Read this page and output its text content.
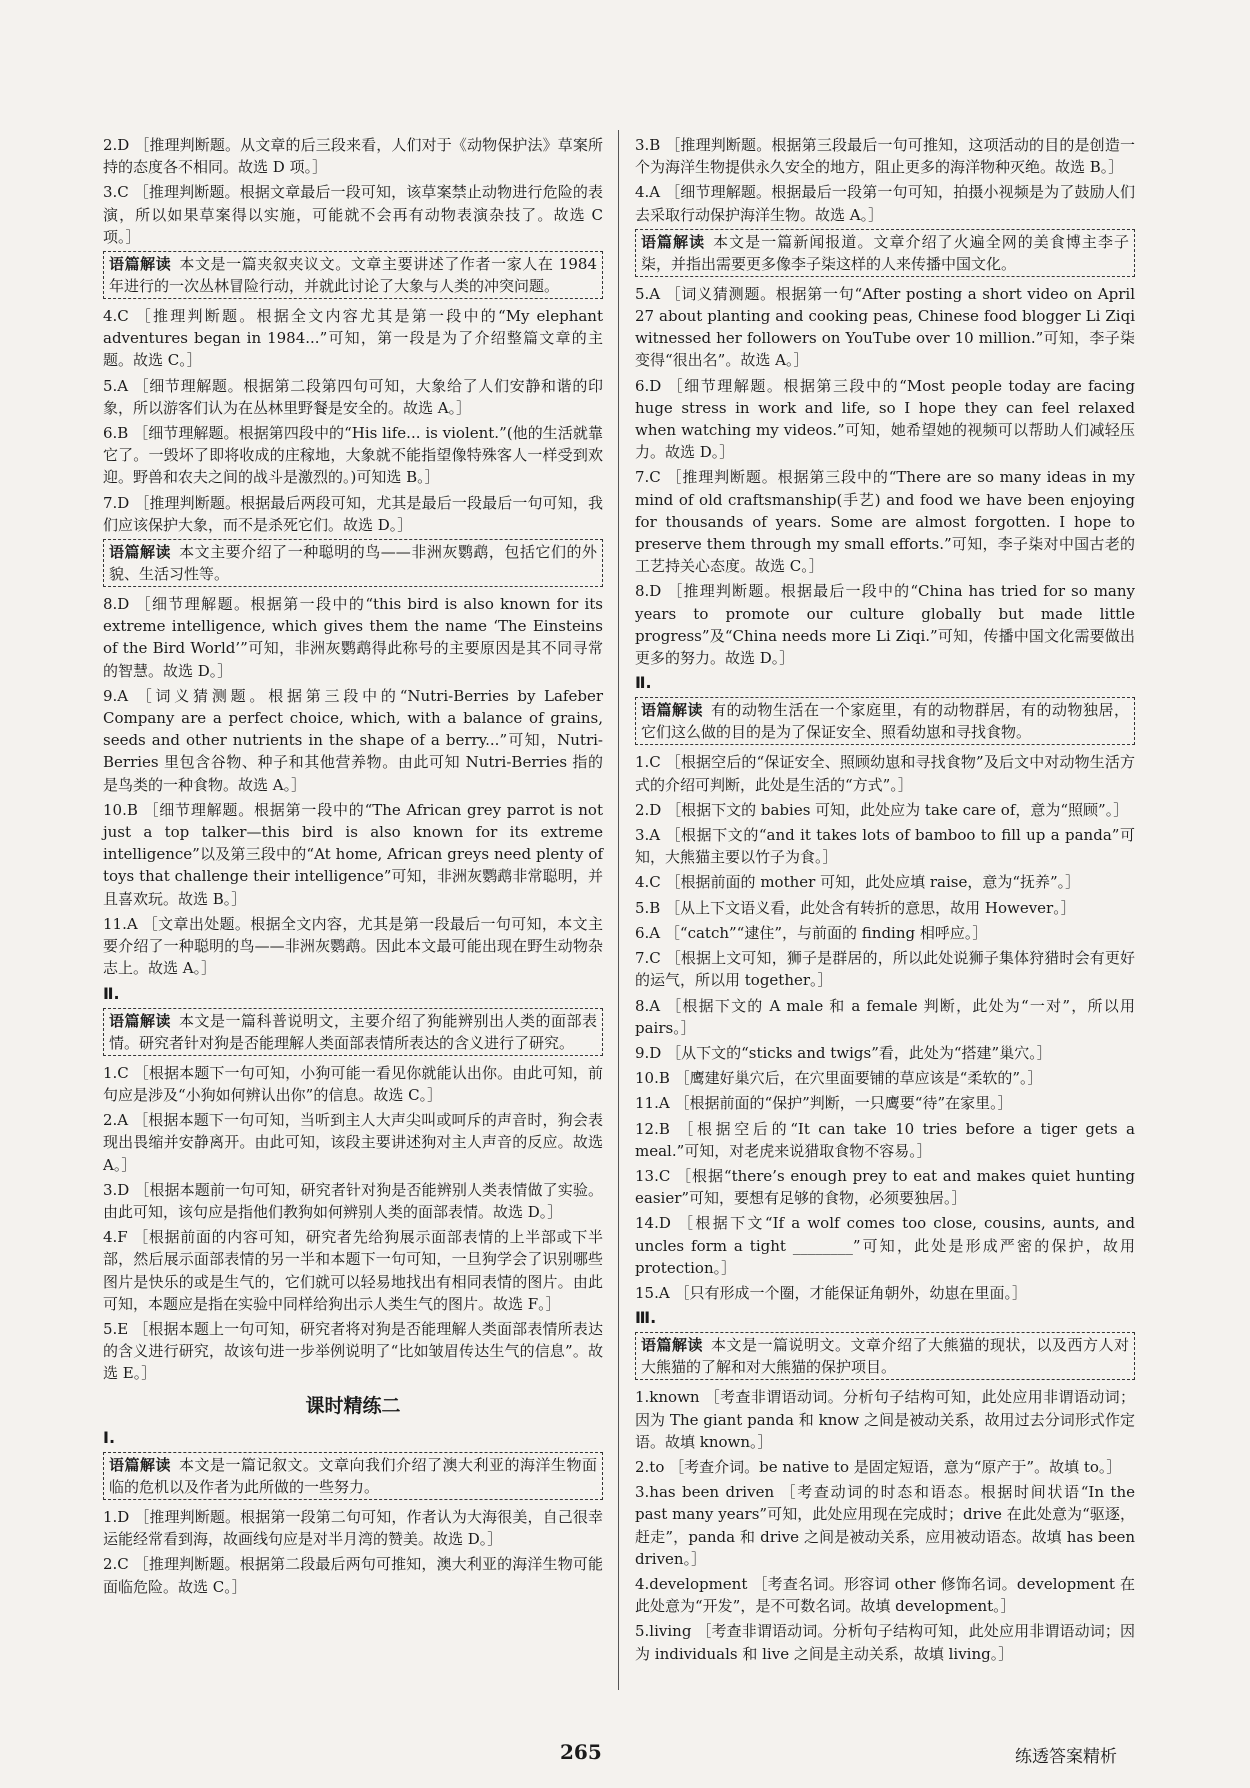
2.D ［推理判断题。从文章的后三段来看，人们对于《动物保护法》草案所持的态度各不相同。故选 D 项。］
3.C ［推理判断题。根据文章最后一段可知，该草案禁止动物进行危险的表演，所以如果草案得以实施，可能就不会再有动物表演杂技了。故选 C 项。］
语篇解读 本文是一篇夹叙夹议文。文章主要讲述了作者一家人在 1984 年进行的一次丛林冒险行动，并就此讨论了大象与人类的冲突问题。
4.C ［推理判断题。根据全文内容尤其是第一段中的“My elephant adventures began in 1984...”可知，第一段是为了介绍整篇文章的主题。故选 C。］
5.A ［细节理解题。根据第二段第四句可知，大象给了人们安静和谐的印象，所以游客们认为在丛林里野餐是安全的。故选 A。］
6.B ［细节理解题。根据第四段中的“His life... is violent.”(他的生活就靠它了。一毁坏了即将收成的庄稼地，大象就不能指望像特殊客人一样受到欢迎。野兽和农夫之间的战斗是激烈的。)可知选 B。］
7.D ［推理判断题。根据最后两段可知，尤其是最后一段最后一句可知，我们应该保护大象，而不是杀死它们。故选 D。］
语篇解读 本文主要介绍了一种聪明的鸟——非洲灰鹦鹉，包括它们的外貌、生活习性等。
8.D ［细节理解题。根据第一段中的“this bird is also known for its extreme intelligence, which gives them the name ‘The Einsteins of the Bird World’”可知，非洲灰鹦鹉得此称号的主要原因是其不同寻常的智慧。故选 D。］
9.A ［词义猜测题。根据第三段中的“Nutri-Berries by Lafeber Company are a perfect choice, which, with a balance of grains, seeds and other nutrients in the shape of a berry...”可知，Nutri-Berries 里包含谷物、种子和其他营养物。由此可知 Nutri-Berries 指的是鸟类的一种食物。故选 A。］
10.B ［细节理解题。根据第一段中的“The African grey parrot is not just a top talker—this bird is also known for its extreme intelligence”以及第三段中的“At home, African greys need plenty of toys that challenge their intelligence”可知，非洲灰鹦鹉非常聪明，并且喜欢玩。故选 B。］
11.A ［文章出处题。根据全文内容，尤其是第一段最后一句可知，本文主要介绍了一种聪明的鸟——非洲灰鹦鹉。因此本文最可能出现在野生动物杂志上。故选 A。］
Ⅱ.
语篇解读 本文是一篇科普说明文，主要介绍了狗能辨别出人类的面部表情。研究者针对狗是否能理解人类面部表情所表达的含义进行了研究。
1.C ［根据本题下一句可知，小狗可能一看见你就能认出你。由此可知，前句应是涉及“小狗如何辨认出你”的信息。故选 C。］
2.A ［根据本题下一句可知，当听到主人大声尖叫或呵斥的声音时，狗会表现出畏缩并安静离开。由此可知，该段主要讲述狗对主人声音的反应。故选 A。］
3.D ［根据本题前一句可知，研究者针对狗是否能辨别人类表情做了实验。由此可知，该句应是指他们教狗如何辨别人类的面部表情。故选 D。］
4.F ［根据前面的内容可知，研究者先给狗展示面部表情的上半部或下半部，然后展示面部表情的另一半和本题下一句可知，一旦狗学会了识别哪些图片是快乐的或是生气的，它们就可以轻易地找出有相同表情的图片。由此可知，本题应是指在实验中同样给狗出示人类生气的图片。故选 F。］
5.E ［根据本题上一句可知，研究者将对狗是否能理解人类面部表情所表达的含义进行研究，故该句进一步举例说明了“比如皱眉传达生气的信息”。故选 E。］
课时精练二
Ⅰ.
语篇解读 本文是一篇记叙文。文章向我们介绍了澳大利亚的海洋生物面临的危机以及作者为此所做的一些努力。
1.D ［推理判断题。根据第一段第二句可知，作者认为大海很美，自己很幸运能经常看到海，故画线句应是对半月湾的赞美。故选 D。］
2.C ［推理判断题。根据第二段最后两句可推知，澳大利亚的海洋生物可能面临危险。故选 C。］
3.B ［推理判断题。根据第三段最后一句可推知，这项活动的目的是创造一个为海洋生物提供永久安全的地方，阻止更多的海洋物种灭绝。故选 B。］
4.A ［细节理解题。根据最后一段第一句可知，拍摄小视频是为了鼓励人们去采取行动保护海洋生物。故选 A。］
语篇解读 本文是一篇新闻报道。文章介绍了火遍全网的美食博主李子柒，并指出需要更多像李子柒这样的人来传播中国文化。
5.A ［词义猜测题。根据第一句“After posting a short video on April 27 about planting and cooking peas, Chinese food blogger Li Ziqi witnessed her followers on YouTube over 10 million.”可知，李子柒变得“很出名”。故选 A。］
6.D ［细节理解题。根据第三段中的“Most people today are facing huge stress in work and life, so I hope they can feel relaxed when watching my videos.”可知，她希望她的视频可以帮助人们减轻压力。故选 D。］
7.C ［推理判断题。根据第三段中的“There are so many ideas in my mind of old craftsmanship(手艺) and food we have been enjoying for thousands of years. Some are almost forgotten. I hope to preserve them through my small efforts.”可知，李子柒对中国古老的工艺持关心态度。故选 C。］
8.D ［推理判断题。根据最后一段中的“China has tried for so many years to promote our culture globally but made little progress”及“China needs more Li Ziqi.”可知，传播中国文化需要做出更多的努力。故选 D。］
Ⅱ.
语篇解读 有的动物生活在一个家庭里，有的动物群居，有的动物独居，它们这么做的目的是为了保证安全、照看幼崽和寻找食物。
1.C ［根据空后的“保证安全、照顾幼崽和寻找食物”及后文中对动物生活方式的介绍可判断，此处是生活的“方式”。］
2.D ［根据下文的 babies 可知，此处应为 take care of，意为“照顾”。］
3.A ［根据下文的“and it takes lots of bamboo to fill up a panda”可知，大熊猫主要以竹子为食。］
4.C ［根据前面的 mother 可知，此处应填 raise，意为“抚养”。］
5.B ［从上下文语义看，此处含有转折的意思，故用 However。］
6.A ［“catch”“逮住”，与前面的 finding 相呼应。］
7.C ［根据上文可知，狮子是群居的，所以此处说狮子集体狩猎时会有更好的运气，所以用 together。］
8.A ［根据下文的 A male 和 a female 判断，此处为“一对”，所以用 pairs。］
9.D ［从下文的“sticks and twigs”看，此处为“搭建”巢穴。］
10.B ［鹰建好巢穴后，在穴里面要铺的草应该是“柔软的”。］
11.A ［根据前面的“保护”判断，一只鹰要“待”在家里。］
12.B ［根据空后的“It can take 10 tries before a tiger gets a meal.”可知，对老虎来说猎取食物不容易。］
13.C ［根据“there’s enough prey to eat and makes quiet hunting easier”可知，要想有足够的食物，必须要独居。］
14.D ［根据下文“If a wolf comes too close, cousins, aunts, and uncles form a tight ________”可知，此处是形成严密的保护，故用 protection。］
15.A ［只有形成一个圈，才能保证角朝外，幼崽在里面。］
Ⅲ.
语篇解读 本文是一篇说明文。文章介绍了大熊猫的现状，以及西方人对大熊猫的了解和对大熊猫的保护项目。
1.known ［考查非谓语动词。分析句子结构可知，此处应用非谓语动词；因为 The giant panda 和 know 之间是被动关系，故用过去分词形式作定语。故填 known。］
2.to ［考查介词。be native to 是固定短语，意为“原产于”。故填 to。］
3.has been driven ［考查动词的时态和语态。根据时间状语“In the past many years”可知，此处应用现在完成时；drive 在此处意为“驱逐，赶走”，panda 和 drive 之间是被动关系，应用被动语态。故填 has been driven。］
4.development ［考查名词。形容词 other 修饰名词。development 在此处意为“开发”，是不可数名词。故填 development。］
5.living ［考查非谓语动词。分析句子结构可知，此处应用非谓语动词；因为 individuals 和 live 之间是主动关系，故填 living。］
265	练透答案精析
